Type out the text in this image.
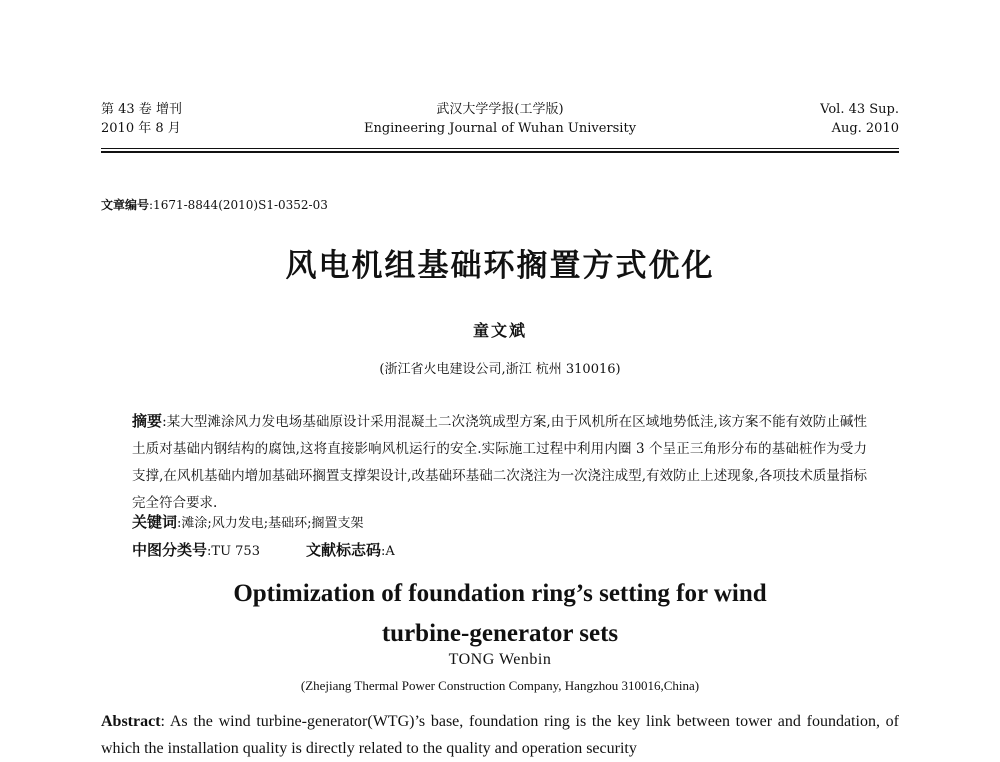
第 43 卷 增刊
2010 年 8 月
武汉大学学报(工学版)
Engineering Journal of Wuhan University
Vol. 43 Sup.
Aug. 2010
文章编号:1671-8844(2010)S1-0352-03
风电机组基础环搁置方式优化
童文斌
(浙江省火电建设公司,浙江 杭州 310016)
摘要:某大型滩涂风力发电场基础原设计采用混凝土二次浇筑成型方案,由于风机所在区域地势低洼,该方案不能有效防止碱性土质对基础内钢结构的腐蚀,这将直接影响风机运行的安全.实际施工过程中利用内圈 3 个呈正三角形分布的基础桩作为受力支撑,在风机基础内增加基础环搁置支撑架设计,改基础环基础二次浇注为一次浇注成型,有效防止上述现象,各项技术质量指标完全符合要求.
关键词:滩涂;风力发电;基础环;搁置支架
中图分类号:TU 753	文献标志码:A
Optimization of foundation ring’s setting for wind
turbine-generator sets
TONG Wenbin
(Zhejiang Thermal Power Construction Company, Hangzhou 310016,China)
Abstract: As the wind turbine-generator(WTG)’s base, foundation ring is the key link between tower and foundation, of which the installation quality is directly related to the quality and operation security
